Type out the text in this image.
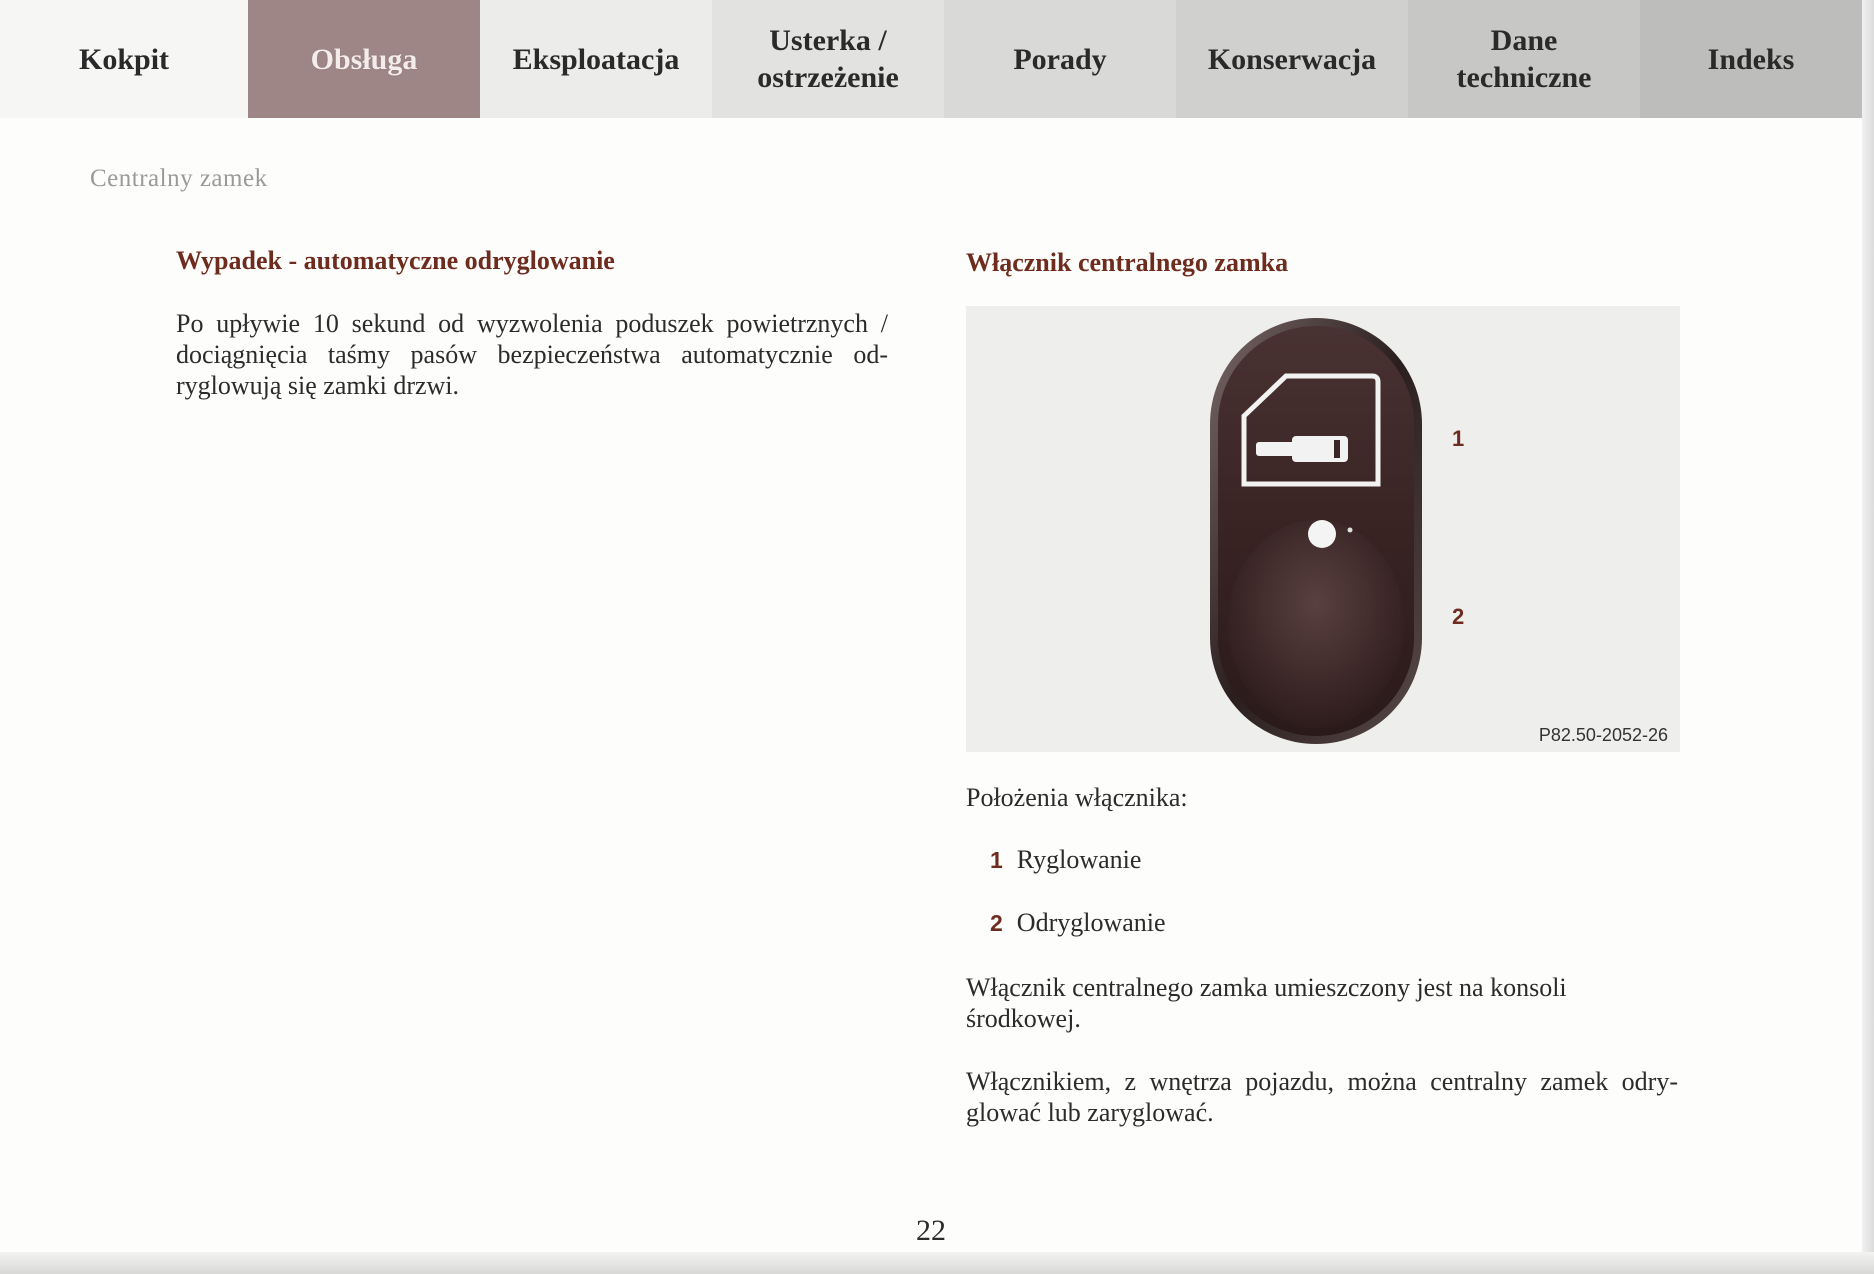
Kokpit	Obsługa	Eksploatacja
Usterka /
ostrzeżenie
Porady	Konserwacja
Dane
techniczne
Indeks
Centralny zamek
Wypadek - automatyczne odryglowanie
Po upływie 10 sekund od wyzwolenia poduszek powietrznych / dociągnięcia taśmy pasów bezpieczeństwa automatycznie od-ryglowują się zamki drzwi.
Włącznik centralnego zamka
1
2
P82.50-2052-26
Położenia włącznika:
1 Ryglowanie
2 Odryglowanie
Włącznik centralnego zamka umieszczony jest na konsoli środkowej.
Włącznikiem, z wnętrza pojazdu, można centralny zamek odry-glować lub zaryglować.
22
